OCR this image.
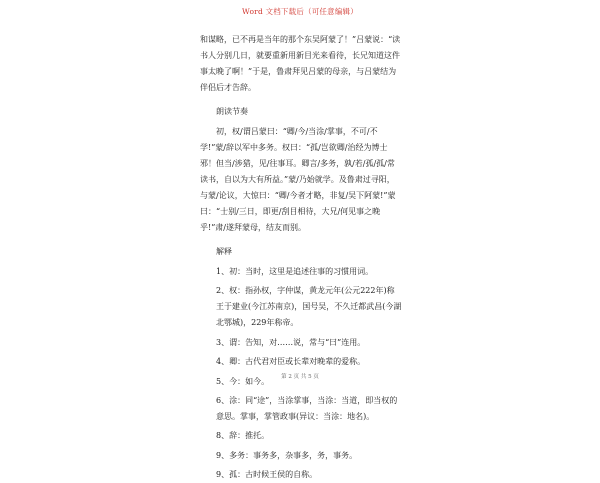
Word 文档下载后（可任意编辑）

和谋略，已不再是当年的那个东吴阿蒙了！”吕蒙说：“读书人分别几日，就要重新用新目光来看待，长兄知道这件事太晚了啊！”于是，鲁肃拜见吕蒙的母亲，与吕蒙结为伴侣后才告辞。

朗读节奏

初，权/谓吕蒙曰：“卿/今/当涂/掌事，不可/不学!”蒙/辞以军中多务。权曰：“孤/岂欲卿/治经为博士邪！但当/涉猎，见/往事耳。卿言/多务，孰/若/孤/孤/常读书，自以为大有所益。”蒙/乃始就学。及鲁肃过寻阳，与蒙/论议，大惊曰：“卿/今者才略，非复/吴下阿蒙!”蒙曰：“士别/三日，即更/刮目相待，大兄/何见事之晚乎!”肃/遂拜蒙母，结友而别。

解释

1、初：当时，这里是追述往事的习惯用词。

2、权：指孙权，字仲谋，黄龙元年(公元222年)称王于建业(今江苏南京)，国号吴，不久迁都武昌(今湖北鄂城)，229年称帝。

3、谓：告知，对……说，常与“曰”连用。

4、卿：古代君对臣或长辈对晚辈的爱称。

5、今：如今。

6、涂：同“途”，当涂掌事，当涂：当道，即当权的意思。掌事，掌管政事(异议：当涂：地名)。

8、辞：推托。

9、多务：事务多，杂事多，务，事务。

9、孤：古时候王侯的自称。

第 2 页 共 5 页
